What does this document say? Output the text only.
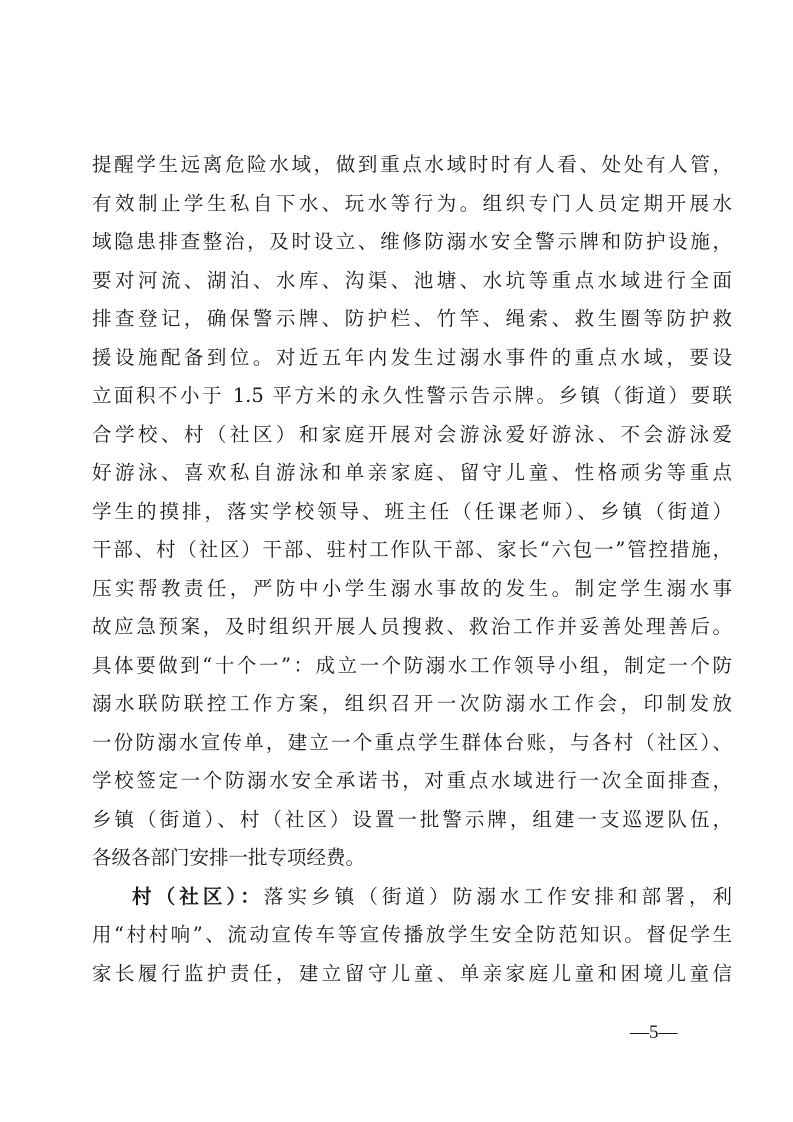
提醒学生远离危险水域，做到重点水域时时有人看、处处有人管，
有效制止学生私自下水、玩水等行为。组织专门人员定期开展水
域隐患排查整治，及时设立、维修防溺水安全警示牌和防护设施，
要对河流、湖泊、水库、沟渠、池塘、水坑等重点水域进行全面
排查登记，确保警示牌、防护栏、竹竿、绳索、救生圈等防护救
援设施配备到位。对近五年内发生过溺水事件的重点水域，要设
立面积不小于 1.5 平方米的永久性警示告示牌。乡镇（街道）要联
合学校、村（社区）和家庭开展对会游泳爱好游泳、不会游泳爱
好游泳、喜欢私自游泳和单亲家庭、留守儿童、性格顽劣等重点
学生的摸排，落实学校领导、班主任（任课老师）、乡镇（街道）
干部、村（社区）干部、驻村工作队干部、家长“六包一”管控措施，
压实帮教责任，严防中小学生溺水事故的发生。制定学生溺水事
故应急预案，及时组织开展人员搜救、救治工作并妥善处理善后。
具体要做到“十个一”：成立一个防溺水工作领导小组，制定一个防
溺水联防联控工作方案，组织召开一次防溺水工作会，印制发放
一份防溺水宣传单，建立一个重点学生群体台账，与各村（社区）、
学校签定一个防溺水安全承诺书，对重点水域进行一次全面排查，
乡镇（街道）、村（社区）设置一批警示牌，组建一支巡逻队伍，
各级各部门安排一批专项经费。
村（社区）：落实乡镇（街道）防溺水工作安排和部署，利
用“村村响”、流动宣传车等宣传播放学生安全防范知识。督促学生
家长履行监护责任，建立留守儿童、单亲家庭儿童和困境儿童信
—5—
